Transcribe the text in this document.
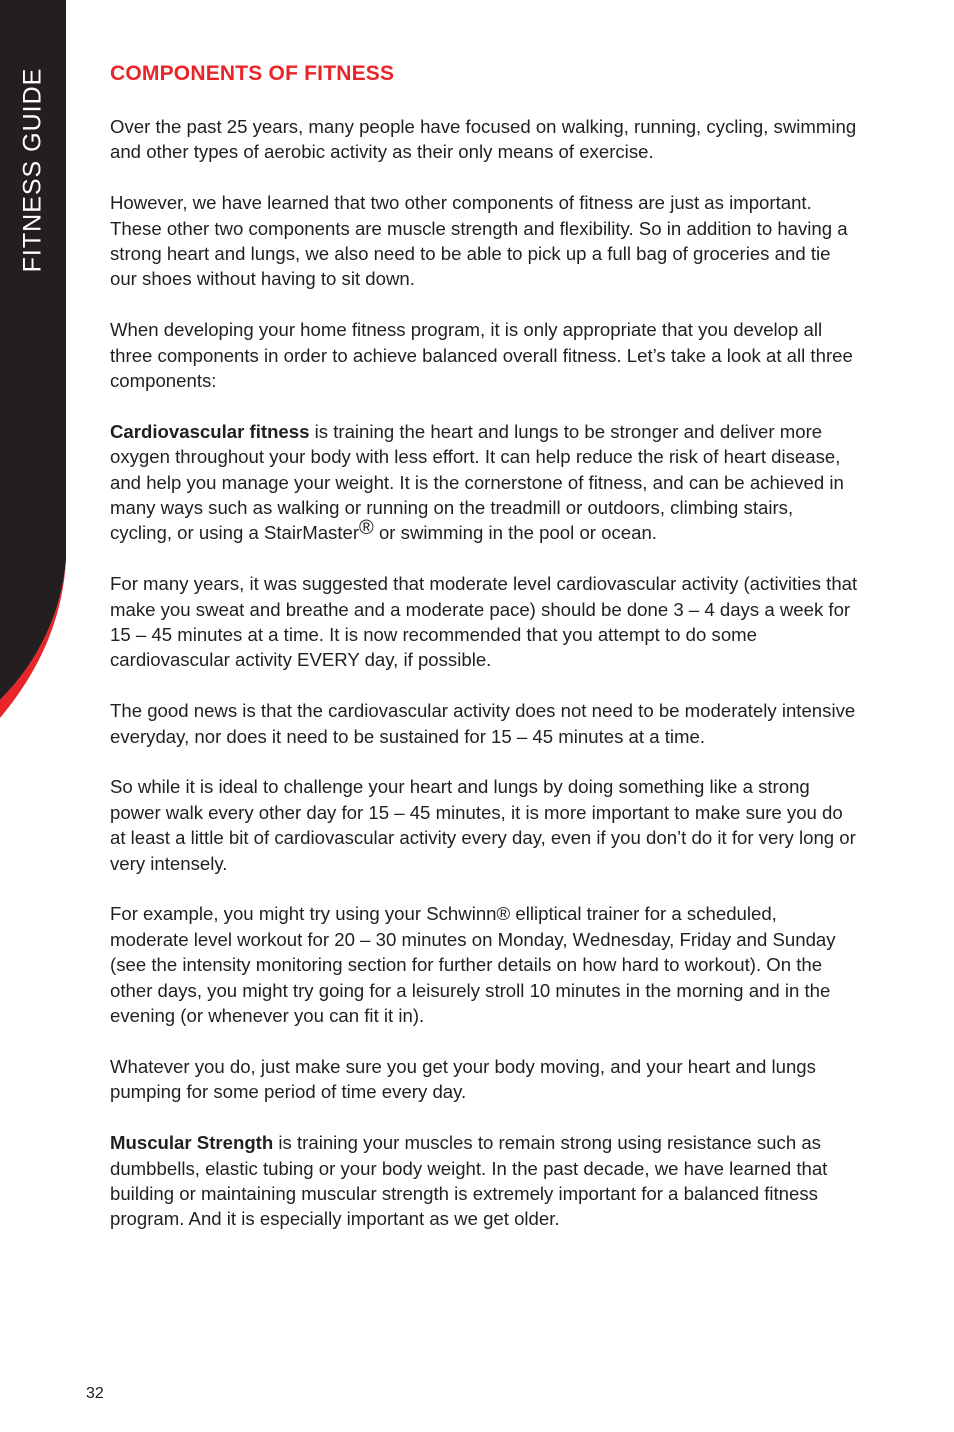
FITNESS GUIDE	COMPONENTS OF FITNESS

Over the past 25 years, many people have focused on walking, running, cycling, swimming and other types of aerobic activity as their only means of exercise.

However, we have learned that two other components of fitness are just as important. These other two components are muscle strength and flexibility. So in addition to having a strong heart and lungs, we also need to be able to pick up a full bag of groceries and tie our shoes without having to sit down.

When developing your home fitness program, it is only appropriate that you develop all three components in order to achieve balanced overall fitness. Let’s take a look at all three components:

Cardiovascular fitness is training the heart and lungs to be stronger and deliver more oxygen throughout your body with less effort. It can help reduce the risk of heart disease, and help you manage your weight. It is the cornerstone of fitness, and can be achieved in many ways such as walking or running on the treadmill or outdoors, climbing stairs, cycling, or using a StairMaster® or swimming in the pool or ocean.

For many years, it was suggested that moderate level cardiovascular activity (activities that make you sweat and breathe and a moderate pace) should be done 3 – 4 days a week for 15 – 45 minutes at a time. It is now recommended that you attempt to do some cardiovascular activity EVERY day, if possible.

The good news is that the cardiovascular activity does not need to be moderately intensive everyday, nor does it need to be sustained for 15 – 45 minutes at a time.

So while it is ideal to challenge your heart and lungs by doing something like a strong power walk every other day for 15 – 45 minutes, it is more important to make sure you do at least a little bit of cardiovascular activity every day, even if you don’t do it for very long or very intensely.

For example, you might try using your Schwinn® elliptical trainer for a scheduled, moderate level workout for 20 – 30 minutes on Monday, Wednesday, Friday and Sunday (see the intensity monitoring section for further details on how hard to workout). On the other days, you might try going for a leisurely stroll 10 minutes in the morning and in the evening (or whenever you can fit it in).

Whatever you do, just make sure you get your body moving, and your heart and lungs pumping for some period of time every day.

Muscular Strength is training your muscles to remain strong using resistance such as dumbbells, elastic tubing or your body weight. In the past decade, we have learned that building or maintaining muscular strength is extremely important for a balanced fitness program. And it is especially important as we get older.

32
